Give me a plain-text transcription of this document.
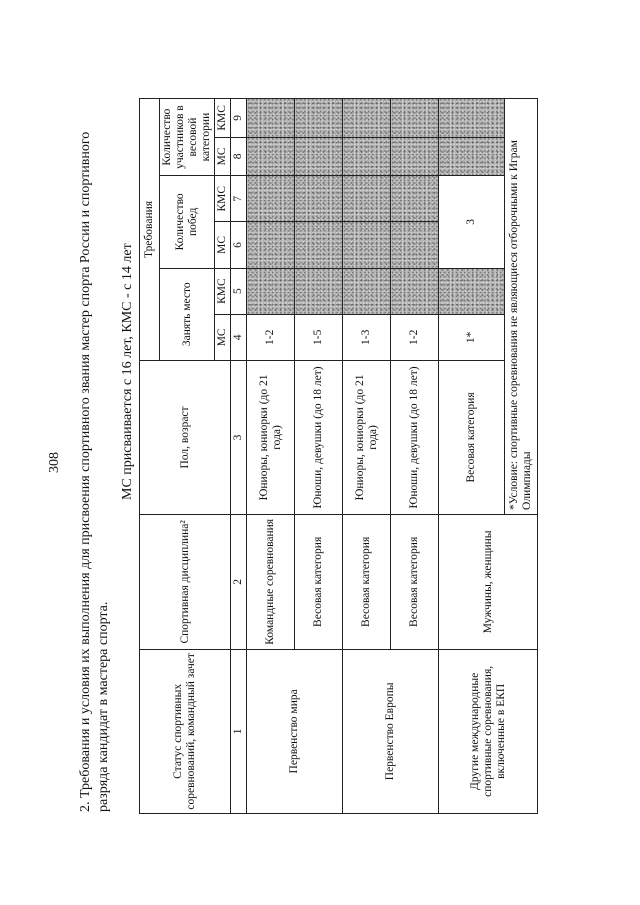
308 2. Требования и условия их выполнения для присвоения спортивного звания мастер спорта России и спортивного разряда кандидат в мастера спорта.
МС присваивается с 16 лет, КМС - с 14 лет
Статус спортивных соревнований, командный зачет	Спортивная дисциплина²	Пол, возраст	Требования					
			Занять место		Количество побед		Количество участников в весовой категории	
			МС	КМС	МС	КМС	МС	КМС
1	2	3	4	5	6	7	8	9
Первенство мира	Командные соревнования	Юниоры, юниорки (до 21 года)	1-2					
	Весовая категория	Юноши, девушки (до 18 лет)	1-5					
Первенство Европы	Весовая категория	Юниоры, юниорки (до 21 года)	1-3					
	Весовая категория	Юноши, девушки (до 18 лет)	1-2					
Другие международные спортивные соревнования, включенные в ЕКП	Мужчины, женщины	Весовая категория	1*		3			
		*Условие: спортивные соревнования не являющиеся отборочными к Играм Олимпиады						
